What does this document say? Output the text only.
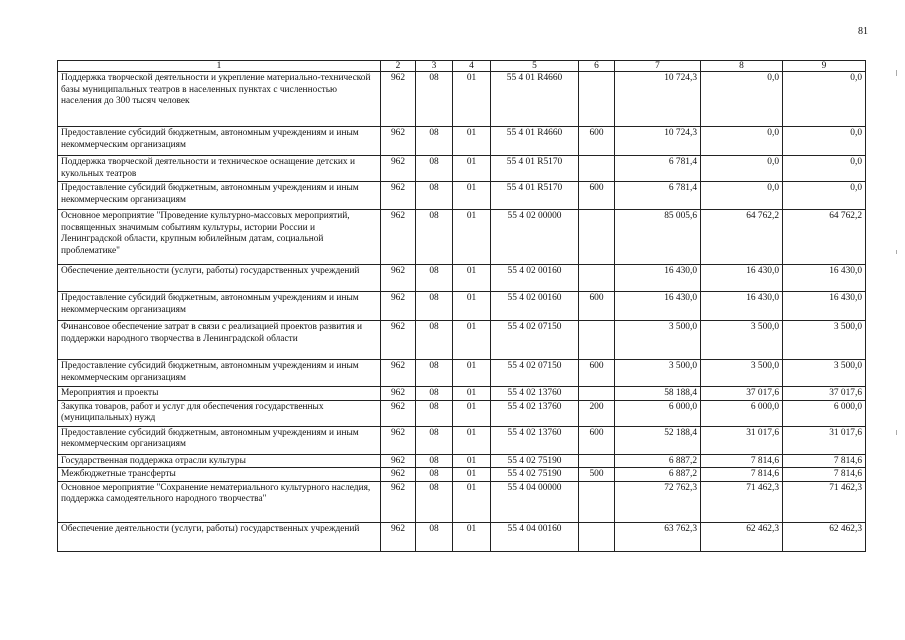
81
1	2	3	4	5	6	7	8	9
Поддержка творческой деятельности и укрепление материально-технической базы муниципальных театров в населенных пунктах с численностью населения до 300 тысяч человек	962	08	01	55 4 01 R4660		10 724,3	0,0	0,0
Предоставление субсидий бюджетным, автономным учреждениям и иным некоммерческим организациям	962	08	01	55 4 01 R4660	600	10 724,3	0,0	0,0
Поддержка творческой деятельности и техническое оснащение детских и кукольных театров	962	08	01	55 4 01 R5170		6 781,4	0,0	0,0
Предоставление субсидий бюджетным, автономным учреждениям и иным некоммерческим организациям	962	08	01	55 4 01 R5170	600	6 781,4	0,0	0,0
Основное мероприятие "Проведение культурно-массовых мероприятий, посвященных значимым событиям культуры, истории России и Ленинградской области, крупным юбилейным датам, социальной проблематике"	962	08	01	55 4 02 00000		85 005,6	64 762,2	64 762,2
Обеспечение деятельности (услуги, работы) государственных учреждений	962	08	01	55 4 02 00160		16 430,0	16 430,0	16 430,0
Предоставление субсидий бюджетным, автономным учреждениям и иным некоммерческим организациям	962	08	01	55 4 02 00160	600	16 430,0	16 430,0	16 430,0
Финансовое обеспечение затрат в связи с реализацией проектов развития и поддержки народного творчества в Ленинградской области	962	08	01	55 4 02 07150		3 500,0	3 500,0	3 500,0
Предоставление субсидий бюджетным, автономным учреждениям и иным некоммерческим организациям	962	08	01	55 4 02 07150	600	3 500,0	3 500,0	3 500,0
Мероприятия и проекты	962	08	01	55 4 02 13760		58 188,4	37 017,6	37 017,6
Закупка товаров, работ и услуг для обеспечения государственных (муниципальных) нужд	962	08	01	55 4 02 13760	200	6 000,0	6 000,0	6 000,0
Предоставление субсидий бюджетным, автономным учреждениям и иным некоммерческим организациям	962	08	01	55 4 02 13760	600	52 188,4	31 017,6	31 017,6
Государственная поддержка отрасли культуры	962	08	01	55 4 02 75190		6 887,2	7 814,6	7 814,6
Межбюджетные трансферты	962	08	01	55 4 02 75190	500	6 887,2	7 814,6	7 814,6
Основное мероприятие "Сохранение нематериального культурного наследия, поддержка самодеятельного народного творчества"	962	08	01	55 4 04 00000		72 762,3	71 462,3	71 462,3
Обеспечение деятельности (услуги, работы) государственных учреждений	962	08	01	55 4 04 00160		63 762,3	62 462,3	62 462,3
